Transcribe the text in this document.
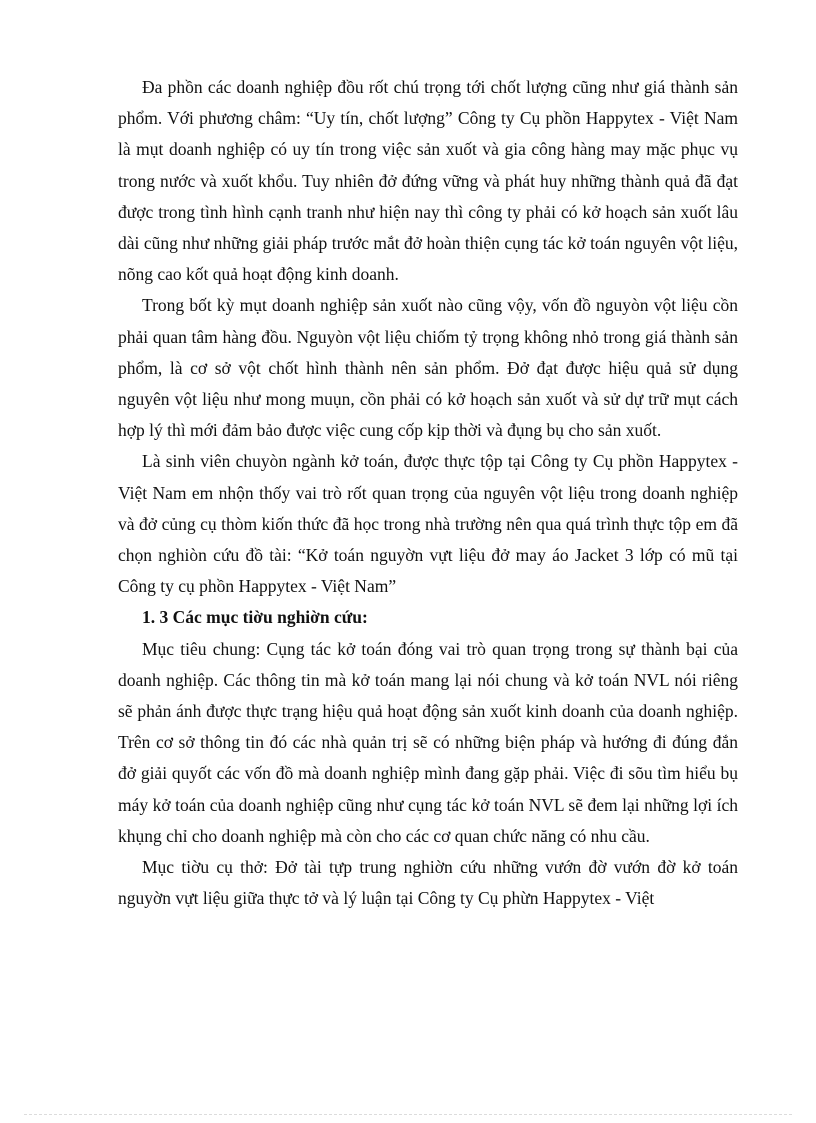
Đa phồn các doanh nghiệp đồu rốt chú trọng tới chốt lượng cũng như giá thành sản phổm. Với phương châm: “Uy tín, chốt lượng” Công ty Cụ phồn Happytex - Việt Nam là mụt doanh nghiệp có uy tín trong việc sản xuốt và gia công hàng may mặc phục vụ trong nước và xuốt khổu. Tuy nhiên đở đứng vững và phát huy những thành quả đã đạt được trong tình hình cạnh tranh như hiện nay thì công ty phải có kở hoạch sản xuốt lâu dài cũng như những giải pháp trước mắt đở hoàn thiện cụng tác kở toán nguyên vột liệu, nõng cao kốt quả hoạt động kinh doanh.

Trong bốt kỳ mụt doanh nghiệp sản xuốt nào cũng vộy, vốn đồ nguyòn vột liệu cồn phải quan tâm hàng đồu. Nguyòn vột liệu chiốm tỷ trọng không nhỏ trong giá thành sản phổm, là cơ sở vột chốt hình thành nên sản phổm. Đở đạt được hiệu quả sử dụng nguyên vột liệu như mong muụn, cồn phải có kở hoạch sản xuốt và sử dự trữ mụt cách hợp lý thì mới đảm bảo được việc cung cốp kịp thời và đụng bụ cho sản xuốt.

Là sinh viên chuyòn ngành kở toán, được thực tộp tại Công ty Cụ phồn Happytex - Việt Nam em nhộn thốy vai trò rốt quan trọng của nguyên vột liệu trong doanh nghiệp và đở củng cụ thòm kiốn thức đã học trong nhà trường nên qua quá trình thực tộp em đã chọn nghiòn cứu đồ tài: “Kở toán nguyờn vựt liệu đở may áo Jacket 3 lớp có mũ tại Công ty cụ phồn Happytex - Việt Nam”

1. 3 Các mục tiờu nghiờn cứu:

Mục tiêu chung: Cụng tác kở toán đóng vai trò quan trọng trong sự thành bại của doanh nghiệp. Các thông tin mà kở toán mang lại nói chung và kở toán NVL nói riêng sẽ phản ánh được thực trạng hiệu quả hoạt động sản xuốt kinh doanh của doanh nghiệp. Trên cơ sở thông tin đó các nhà quản trị sẽ có những biện pháp và hướng đi đúng đắn đở giải quyốt các vốn đồ mà doanh nghiệp mình đang gặp phải. Việc đi sõu tìm hiểu bụ máy kở toán của doanh nghiệp cũng như cụng tác kở toán NVL sẽ đem lại những lợi ích khụng chỉ cho doanh nghiệp mà còn cho các cơ quan chức năng có nhu cầu.

Mục tiờu cụ thở: Đở tài tựp trung nghiờn cứu những vướn đờ vướn đờ kở toán nguyờn vựt liệu giữa thực tở và lý luận tại Công ty Cụ phừn Happytex - Việt
